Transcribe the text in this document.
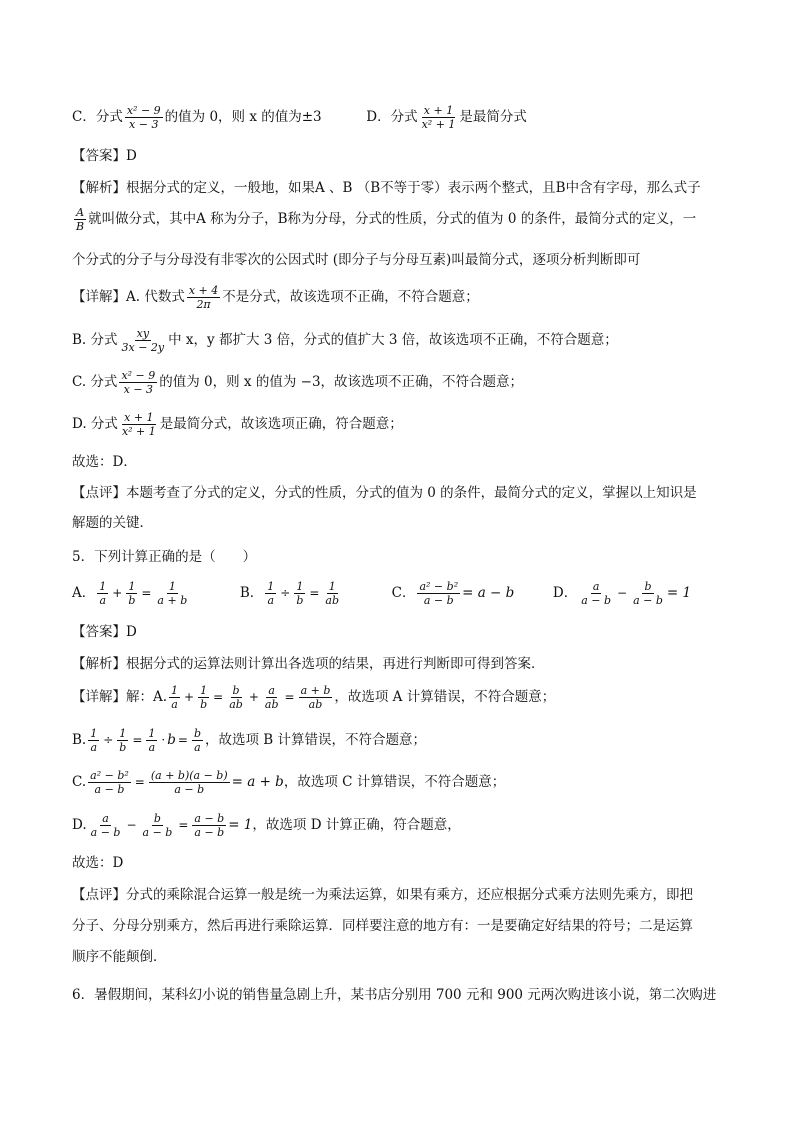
C．分式 $\frac{\text{x² − 9}}{x - 3}$ 的值为 0，则 x 的值为±3	D．分式 $\frac{x + 1}{\text{x² + 1}}$ 是最简分式
【答案】D
【解析】根据分式的定义，一般地，如果A 、B （B不等于零）表示两个整式，且B中含有字母，那么式子
$\frac{A}{B}$ 就叫做分式，其中A 称为分子，B称为分母，分式的性质，分式的值为 0 的条件，最简分式的定义，一
个分式的分子与分母没有非零次的公因式时 (即分子与分母互素)叫最简分式，逐项分析判断即可
【详解】A. 代数式 $\frac{x + 4}{2\pi}$ 不是分式，故该选项不正确，不符合题意；
B. 分式 $\frac{xy}{3x - 2y}$ 中 x，y 都扩大 3 倍，分式的值扩大 3 倍，故该选项不正确，不符合题意；
C. 分式 $\frac{\text{x² − 9}}{x - 3}$ 的值为 0，则 x 的值为 −3，故该选项不正确，不符合题意；
D. 分式 $\frac{x + 1}{\text{x² + 1}}$ 是最简分式，故该选项正确，符合题意；
故选：D．
【点评】本题考查了分式的定义，分式的性质，分式的值为 0 的条件，最简分式的定义，掌握以上知识是
解题的关键．
5．下列计算正确的是（　　）
A． $\frac{1}{a} + \frac{1}{b} = \frac{1}{a + b}$	B． $\frac{1}{a} \div \frac{1}{b} = \frac{1}{ab}$	C． $\frac{\text{a² − b²}}{a - b} = a - b$	D． $\frac{a}{a - b} - \frac{b}{a - b} = 1$
【答案】D
【解析】根据分式的运算法则计算出各选项的结果，再进行判断即可得到答案．
【详解】解：A. $\frac{1}{a} + \frac{1}{b} = \frac{b}{ab} + \frac{a}{ab} = \frac{a + b}{ab}$ ，故选项 A 计算错误，不符合题意；
B. $\frac{1}{a} \div \frac{1}{b} = \frac{1}{a} \cdot b = \frac{b}{a}$ ，故选项 B 计算错误，不符合题意；
C. $\frac{\text{a² − b²}}{a - b} = \frac{(a + b)(a - b)}{a - b} = a + b$，故选项 C 计算错误，不符合题意；
D. $\frac{a}{a - b} - \frac{b}{a - b} = \frac{a - b}{a - b} = 1$，故选项 D 计算正确，符合题意，
故选：D
【点评】分式的乘除混合运算一般是统一为乘法运算，如果有乘方，还应根据分式乘方法则先乘方，即把
分子、分母分别乘方，然后再进行乘除运算．同样要注意的地方有：一是要确定好结果的符号；二是运算
顺序不能颠倒．
6．暑假期间，某科幻小说的销售量急剧上升，某书店分别用 700 元和 900 元两次购进该小说，第二次购进
